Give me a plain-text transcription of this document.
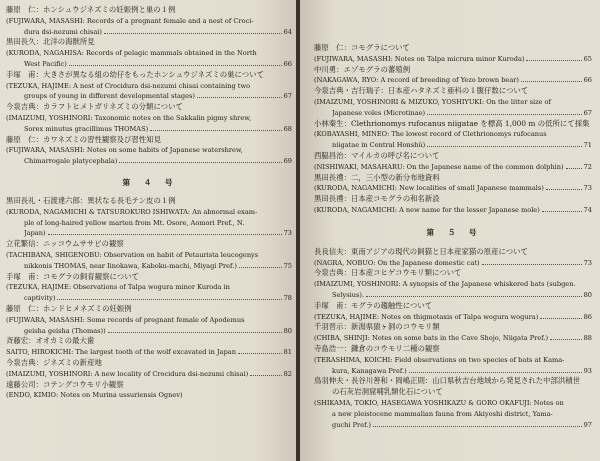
藤原　仁：ホンシュウジネズミの妊娠例と巣の１例
(FUJIWARA, MASASHI: Records of a pregnant female and a nest of Croci-
dura dsi-nezumi chisai)	64
黒田長久：北洋の海獣所見
(KURODA, NAGAHISA: Records of pelagic mammals obtained in the North
West Pacific)	66
手塚　甫：大きさが異なる組の幼仔をもったホンシュウジネズミの巣について
(TEZUKA, HAJIME: A nest of Crocidura dsi-nezumi chisai containing two
groups of young in different developmental stages)	67
今泉吉典：カラフトヒメトガリネズミの分類について
(IMAIZUMI, YOSHINORI: Taxonomic notes on the Sakkalin pigmy shrew,
Sorex minutus gracillimus THOMAS)	68
藤原　仁：カワネズミの習性観察及び習性知見
(FUJIWARA, MASASHI: Notes on some habits of Japanese watershrew,
Chimarrogale platycephala)	69
第　４　号
黒田長礼・石渡達六郎：異状なる長毛テン皮の１例
(KURODA, NAGAMICHI & TATSUROKURO ISHIWATA: An abnormal exam-
ple of long-haired yellow marten from Mt. Osore, Aomori Pref., N.
Japan)	73
立花繁信：ニッコウムササビの観察
(TACHIBANA, SHIGENOBU: Observation on habit of Petaurista leucogenys
nikkonis THOMAS, near Iinokawa, Kaboku-machi, Miyagi Pref.)	75
手塚　甫：コモグラの飼育観察について
(TEZUKA, HAJIME: Observations of Talpa wogura minor Kuroda in
captivity)	78
藤原　仁：ホンドヒメネズミの妊娠例
(FUJIWARA, MASASHI: Some records of pregnant female of Apodemus
geisha geisha (Thomas))	80
斉藤宏：オオカミの最大歯
SAITO, HIROKICHI: The largest tooth of the wolf excavated in Japan	81
今泉吉典：ジネズミの新産地
(IMAIZUMI, YOSHINORI: A new locality of Crocidura dsi-nezumi chisai)	82
遠藤公司：コテングコウモリ小観察
(ENDO, KIMIO: Notes on Murina ussuriensis Ognev)
藤原　仁：コモグラについて
(FUJIWARA, MASASHI: Notes on Talpa micrura minor Kuroda)	65
中川勇：エゾモグラの蕃殖例
(NAKAGAWA, RYO: A record of breeding of Yezo brown bear)	66
今泉吉典・吉行瑞子：日本産ハタネズミ亜科の１腹仔数について
(IMAIZUMI, YOSHINORI & MIZUKO, YOSHIYUKI: On the litter size of
Japanese voles (Microtinae)	67
小林秦生：Clethrionomys rufocanus niigatae を標高 1,000 m の低所にて採集
(KOBAYASHI, MINEO: The lowest record of Clethrionomys rufocanus
niigatae in Central Honshû)	71
西脇昌治：マイルカの呼び名について
(NISHIWAKI, MASAHARU: On the Japanese name of the common dolphin)	72
黒田長禮：二，三小型の新分布地資料
(KURODA, NAGAMICHI: New localities of small Japanese mammals)	73
黒田長禮：日本産コモグラの和名新設
(KURODA, NAGAMICHI: A new name for the lesser Japanese mole)	74
第　５　号
長良信夫：東南アジアの現代の飼猫と日本産家猫の原産について
(NAGRA, NOBUO: On the Japanese domestic cat)	73
今泉吉典：日本産コヒゲコウモリ類について
(IMAIZUMI, YOSHINORI: A synopsis of the Japanese whiskered bats (subgen.
Selysius).	80
手塚　甫：モグラの趨触性について
(TEZUKA, HAJIME: Notes on thigmotaxis of Talpa wogura wogura)	86
千羽晋示：新潟県猿ヶ洞のコウモリ類
(CHIBA, SHINJI: Notes on some bats in the Cave Shojo, Niigata Pref.)	88
寺島浩一：鎌倉のコウモリ二種の観察
(TERASHIMA, KOICHI: Field observations on two species of bats at Kama-
kura, Kanagawa Pref.)	93
鳥羽伸夫・長谷川善和・岡嶋正則：山口県秋吉台地域から発見された中部洪積世
の石灰岩洞窟哺乳類化石について
(SHIKAMA, TOKIO, HASEGAWA YOSHIKAZU & GORO OKAFUJI: Notes on
a new pleistocene mammalian fauna from Akiyoshi district, Yama-
guchi Pref.)	97
